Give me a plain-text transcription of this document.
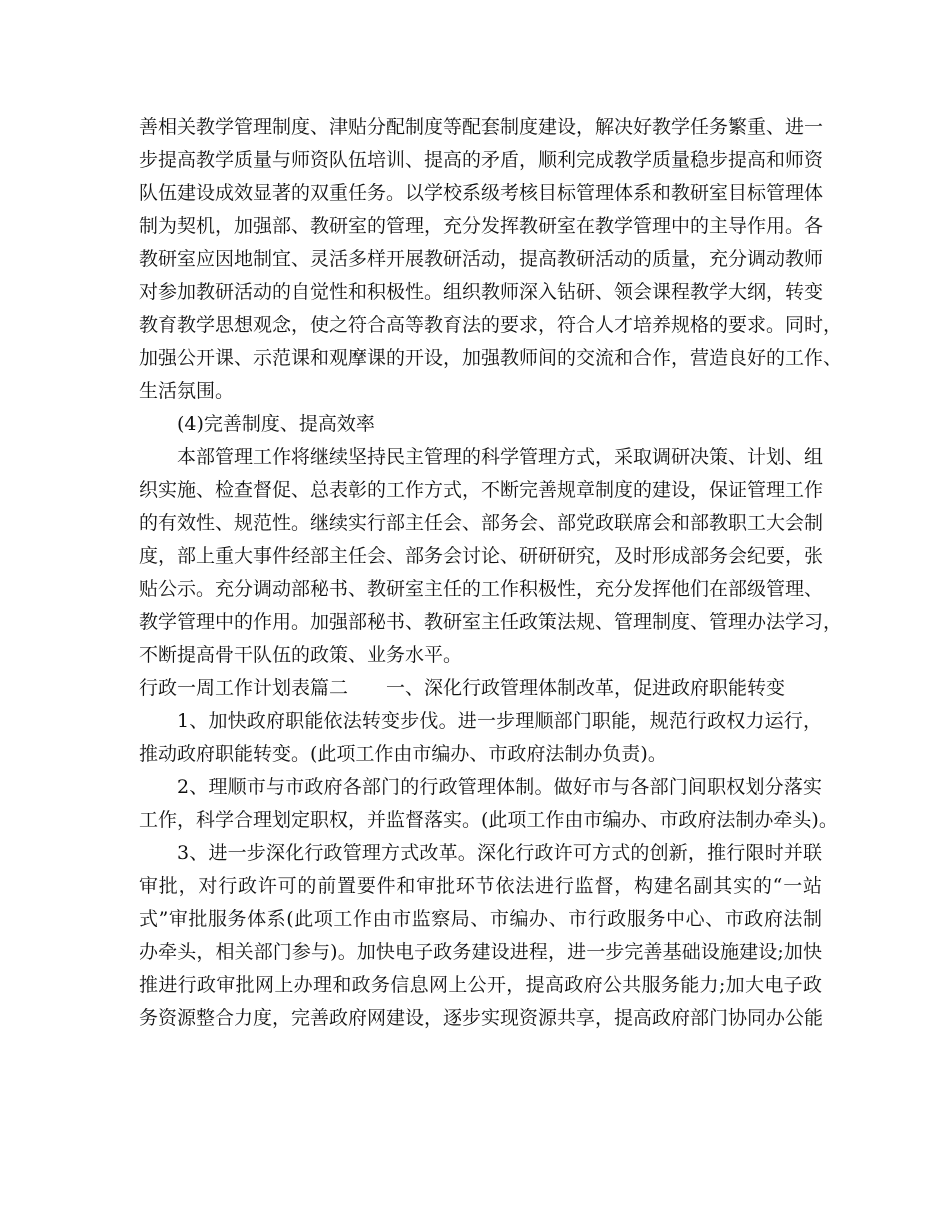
善相关教学管理制度、津贴分配制度等配套制度建设，解决好教学任务繁重、进一
步提高教学质量与师资队伍培训、提高的矛盾，顺利完成教学质量稳步提高和师资
队伍建设成效显著的双重任务。以学校系级考核目标管理体系和教研室目标管理体
制为契机，加强部、教研室的管理，充分发挥教研室在教学管理中的主导作用。各
教研室应因地制宜、灵活多样开展教研活动，提高教研活动的质量，充分调动教师
对参加教研活动的自觉性和积极性。组织教师深入钻研、领会课程教学大纲，转变
教育教学思想观念，使之符合高等教育法的要求，符合人才培养规格的要求。同时，
加强公开课、示范课和观摩课的开设，加强教师间的交流和合作，营造良好的工作、
生活氛围。
(4)完善制度、提高效率
本部管理工作将继续坚持民主管理的科学管理方式，采取调研决策、计划、组
织实施、检查督促、总表彰的工作方式，不断完善规章制度的建设，保证管理工作
的有效性、规范性。继续实行部主任会、部务会、部党政联席会和部教职工大会制
度，部上重大事件经部主任会、部务会讨论、研研研究，及时形成部务会纪要，张
贴公示。充分调动部秘书、教研室主任的工作积极性，充分发挥他们在部级管理、
教学管理中的作用。加强部秘书、教研室主任政策法规、管理制度、管理办法学习，
不断提高骨干队伍的政策、业务水平。
行政一周工作计划表篇二　　一、深化行政管理体制改革，促进政府职能转变
1、加快政府职能依法转变步伐。进一步理顺部门职能，规范行政权力运行，
推动政府职能转变。(此项工作由市编办、市政府法制办负责)。
2、理顺市与市政府各部门的行政管理体制。做好市与各部门间职权划分落实
工作，科学合理划定职权，并监督落实。(此项工作由市编办、市政府法制办牵头)。
3、进一步深化行政管理方式改革。深化行政许可方式的创新，推行限时并联
审批，对行政许可的前置要件和审批环节依法进行监督，构建名副其实的“一站
式”审批服务体系(此项工作由市监察局、市编办、市行政服务中心、市政府法制
办牵头，相关部门参与)。加快电子政务建设进程，进一步完善基础设施建设;加快
推进行政审批网上办理和政务信息网上公开，提高政府公共服务能力;加大电子政
务资源整合力度，完善政府网建设，逐步实现资源共享，提高政府部门协同办公能
